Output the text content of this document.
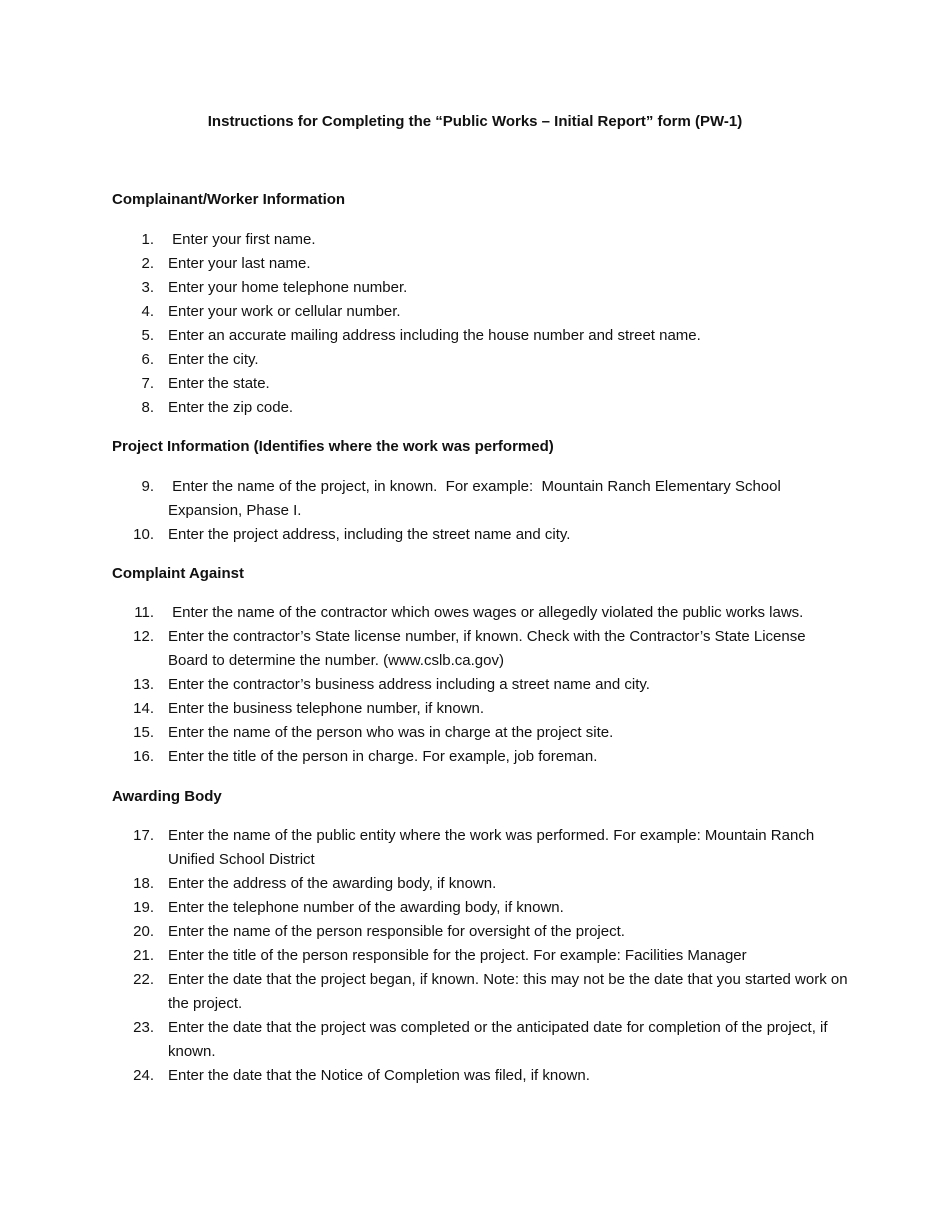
Instructions for Completing the “Public Works – Initial Report” form (PW-1)
Complainant/Worker Information
1. Enter your first name.
2. Enter your last name.
3. Enter your home telephone number.
4. Enter your work or cellular number.
5. Enter an accurate mailing address including the house number and street name.
6. Enter the city.
7. Enter the state.
8. Enter the zip code.
Project Information (Identifies where the work was performed)
9. Enter the name of the project, in known.  For example:  Mountain Ranch Elementary School Expansion, Phase I.
10. Enter the project address, including the street name and city.
Complaint Against
11. Enter the name of the contractor which owes wages or allegedly violated the public works laws.
12. Enter the contractor’s State license number, if known. Check with the Contractor’s State License Board to determine the number. (www.cslb.ca.gov)
13. Enter the contractor’s business address including a street name and city.
14. Enter the business telephone number, if known.
15. Enter the name of the person who was in charge at the project site.
16. Enter the title of the person in charge. For example, job foreman.
Awarding Body
17. Enter the name of the public entity where the work was performed. For example: Mountain Ranch Unified School District
18. Enter the address of the awarding body, if known.
19. Enter the telephone number of the awarding body, if known.
20. Enter the name of the person responsible for oversight of the project.
21. Enter the title of the person responsible for the project. For example: Facilities Manager
22. Enter the date that the project began, if known. Note: this may not be the date that you started work on the project.
23. Enter the date that the project was completed or the anticipated date for completion of the project, if known.
24. Enter the date that the Notice of Completion was filed, if known.
